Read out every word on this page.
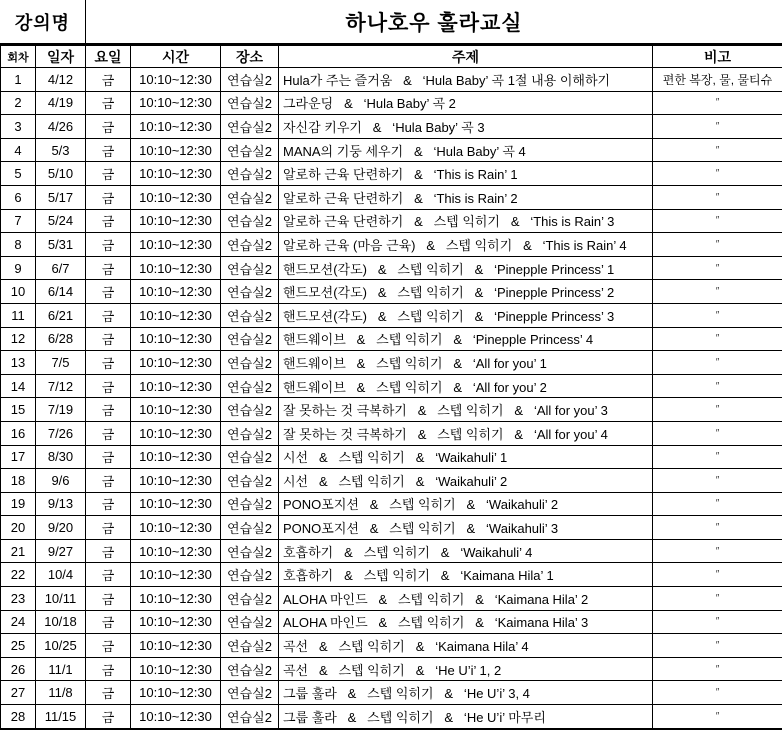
강의명	하나호우 훌라교실
회차	일자	요일	시간	장소	주제	비고
1	4/12	금	10:10~12:30	연습실2	Hula가 주는 즐거움   &   ‘Hula Baby’ 곡 1절 내용 이해하기	편한 복장, 물, 물티슈
2	4/19	금	10:10~12:30	연습실2	그라운딩   &   ‘Hula Baby’ 곡 2	″
3	4/26	금	10:10~12:30	연습실2	자신감 키우기   &   ‘Hula Baby’ 곡 3	″
4	5/3	금	10:10~12:30	연습실2	MANA의 기둥 세우기   &   ‘Hula Baby’ 곡 4	″
5	5/10	금	10:10~12:30	연습실2	알로하 근육 단련하기   &   ‘This is Rain’ 1	″
6	5/17	금	10:10~12:30	연습실2	알로하 근육 단련하기   &   ‘This is Rain’ 2	″
7	5/24	금	10:10~12:30	연습실2	알로하 근육 단련하기   &   스텝 익히기   &   ‘This is Rain’ 3	″
8	5/31	금	10:10~12:30	연습실2	알로하 근육 (마음 근육)   &   스텝 익히기   &   ‘This is Rain’ 4	″
9	6/7	금	10:10~12:30	연습실2	핸드모션(각도)   &   스텝 익히기   &   ‘Pinepple Princess’ 1	″
10	6/14	금	10:10~12:30	연습실2	핸드모션(각도)   &   스텝 익히기   &   ‘Pinepple Princess’ 2	″
11	6/21	금	10:10~12:30	연습실2	핸드모션(각도)   &   스텝 익히기   &   ‘Pinepple Princess’ 3	″
12	6/28	금	10:10~12:30	연습실2	핸드웨이브   &   스텝 익히기   &   ‘Pinepple Princess’ 4	″
13	7/5	금	10:10~12:30	연습실2	핸드웨이브   &   스텝 익히기   &   ‘All for you’ 1	″
14	7/12	금	10:10~12:30	연습실2	핸드웨이브   &   스텝 익히기   &   ‘All for you’ 2	″
15	7/19	금	10:10~12:30	연습실2	잘 못하는 것 극복하기   &   스텝 익히기   &   ‘All for you’ 3	″
16	7/26	금	10:10~12:30	연습실2	잘 못하는 것 극복하기   &   스텝 익히기   &   ‘All for you’ 4	″
17	8/30	금	10:10~12:30	연습실2	시선   &   스텝 익히기   &   ‘Waikahuli’ 1	″
18	9/6	금	10:10~12:30	연습실2	시선   &   스텝 익히기   &   ‘Waikahuli’ 2	″
19	9/13	금	10:10~12:30	연습실2	PONO포지션   &   스텝 익히기   &   ‘Waikahuli’ 2	″
20	9/20	금	10:10~12:30	연습실2	PONO포지션   &   스텝 익히기   &   ‘Waikahuli’ 3	″
21	9/27	금	10:10~12:30	연습실2	호흡하기   &   스텝 익히기   &   ‘Waikahuli’ 4	″
22	10/4	금	10:10~12:30	연습실2	호흡하기   &   스텝 익히기   &   ‘Kaimana Hila’ 1	″
23	10/11	금	10:10~12:30	연습실2	ALOHA 마인드   &   스텝 익히기   &   ‘Kaimana Hila’ 2	″
24	10/18	금	10:10~12:30	연습실2	ALOHA 마인드   &   스텝 익히기   &   ‘Kaimana Hila’ 3	″
25	10/25	금	10:10~12:30	연습실2	곡선   &   스텝 익히기   &   ‘Kaimana Hila’ 4	″
26	11/1	금	10:10~12:30	연습실2	곡선   &   스텝 익히기   &   ‘He U’i’ 1, 2	″
27	11/8	금	10:10~12:30	연습실2	그룹 훌라   &   스텝 익히기   &   ‘He U’i’ 3, 4	″
28	11/15	금	10:10~12:30	연습실2	그룹 훌라   &   스텝 익히기   &   ‘He U’i’ 마무리	″
